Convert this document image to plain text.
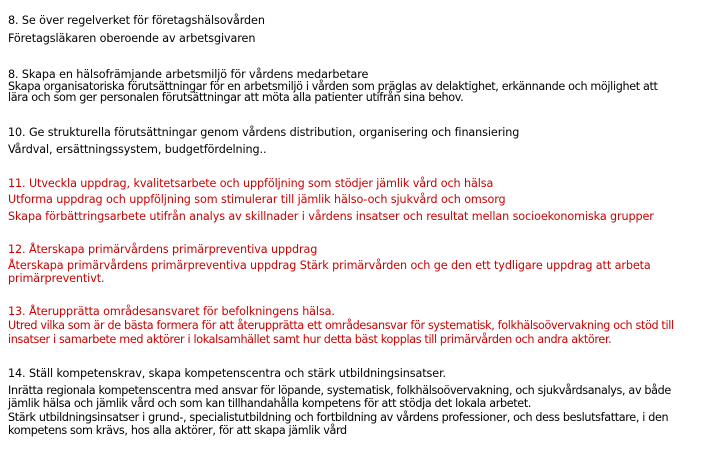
8. Se över regelverket för företagshälsovården
Företagsläkaren oberoende av arbetsgivaren
8. Skapa en hälsofrämjande arbetsmiljö för vårdens medarbetare
Skapa organisatoriska förutsättningar för en arbetsmiljö i vården som präglas av delaktighet, erkännande och möjlighet att
lära och som ger personalen förutsättningar att möta alla patienter utifrån sina behov.
10. Ge strukturella förutsättningar genom vårdens distribution, organisering och finansiering
Vårdval, ersättningssystem, budgetfördelning..
11. Utveckla uppdrag, kvalitetsarbete och uppföljning som stödjer jämlik vård och hälsa
Utforma uppdrag och uppföljning som stimulerar till jämlik hälso-och sjukvård och omsorg
Skapa förbättringsarbete utifrån analys av skillnader i vårdens insatser och resultat mellan socioekonomiska grupper
12. Återskapa primärvårdens primärpreventiva uppdrag
Återskapa primärvårdens primärpreventiva uppdrag Stärk primärvården och ge den ett tydligare uppdrag att arbeta
primärpreventivt.
13. Återupprätta områdesansvaret för befolkningens hälsa.
Utred vilka som är de bästa formera för att återupprätta ett områdesansvar för systematisk, folkhälsoövervakning och stöd till
insatser i samarbete med aktörer i lokalsamhället samt hur detta bäst kopplas till primärvården och andra aktörer.
14. Ställ kompetenskrav, skapa kompetenscentra och stärk utbildningsinsatser.
Inrätta regionala kompetenscentra med ansvar för löpande, systematisk, folkhälsoövervakning, och sjukvårdsanalys, av både
jämlik hälsa och jämlik vård och som kan tillhandahålla kompetens för att stödja det lokala arbetet.
Stärk utbildningsinsatser i grund-, specialistutbildning och fortbildning av vårdens professioner, och dess beslutsfattare, i den
kompetens som krävs, hos alla aktörer, för att skapa jämlik vård
